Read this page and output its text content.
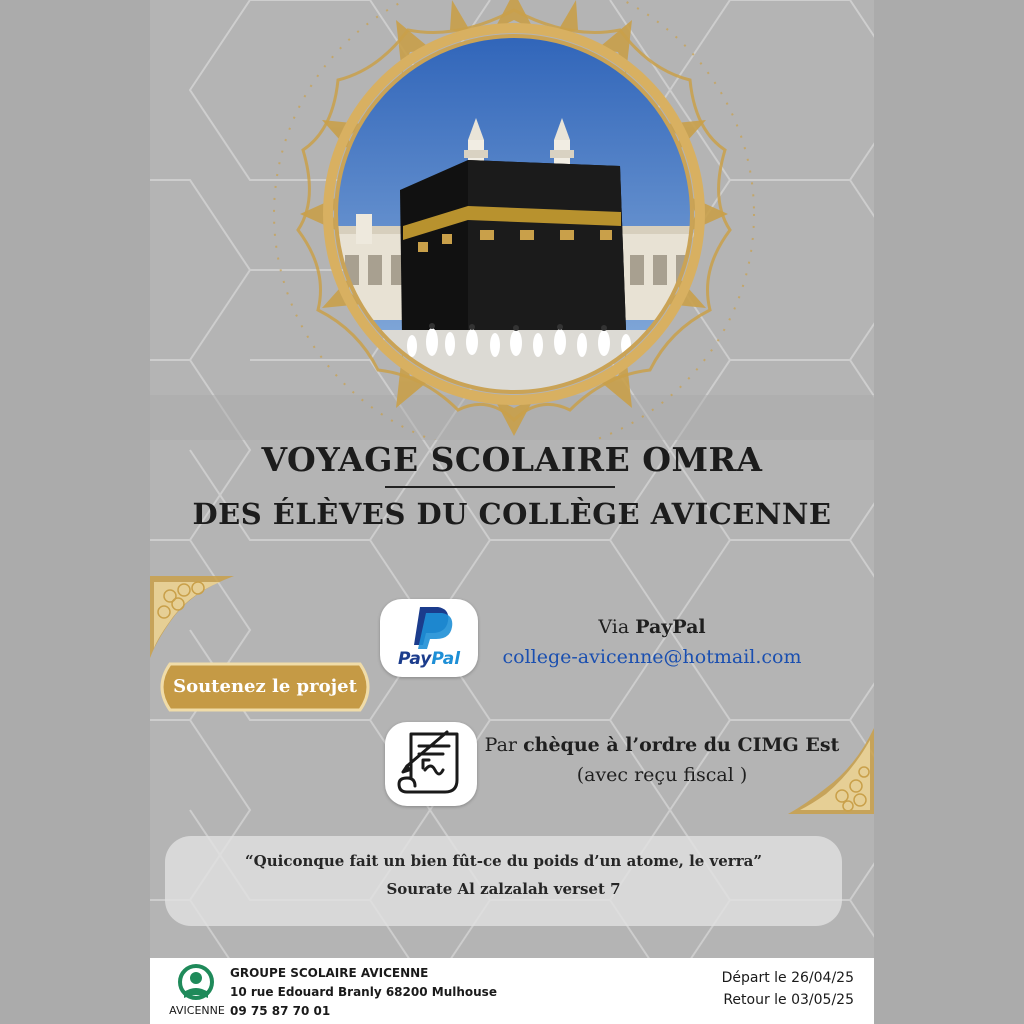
VOYAGE SCOLAIRE OMRA
DES ÉLÈVES DU COLLÈGE AVICENNE
Soutenez le projet
PayPal
Via PayPal
college-avicenne@hotmail.com
Par chèque à l’ordre du CIMG Est
(avec reçu fiscal )
“Quiconque fait un bien fût-ce du poids d’un atome, le verra”
Sourate Al zalzalah verset 7
AVICENNE
GROUPE SCOLAIRE AVICENNE
10 rue Edouard Branly 68200 Mulhouse
09 75 87 70 01
Départ le 26/04/25
Retour le 03/05/25
